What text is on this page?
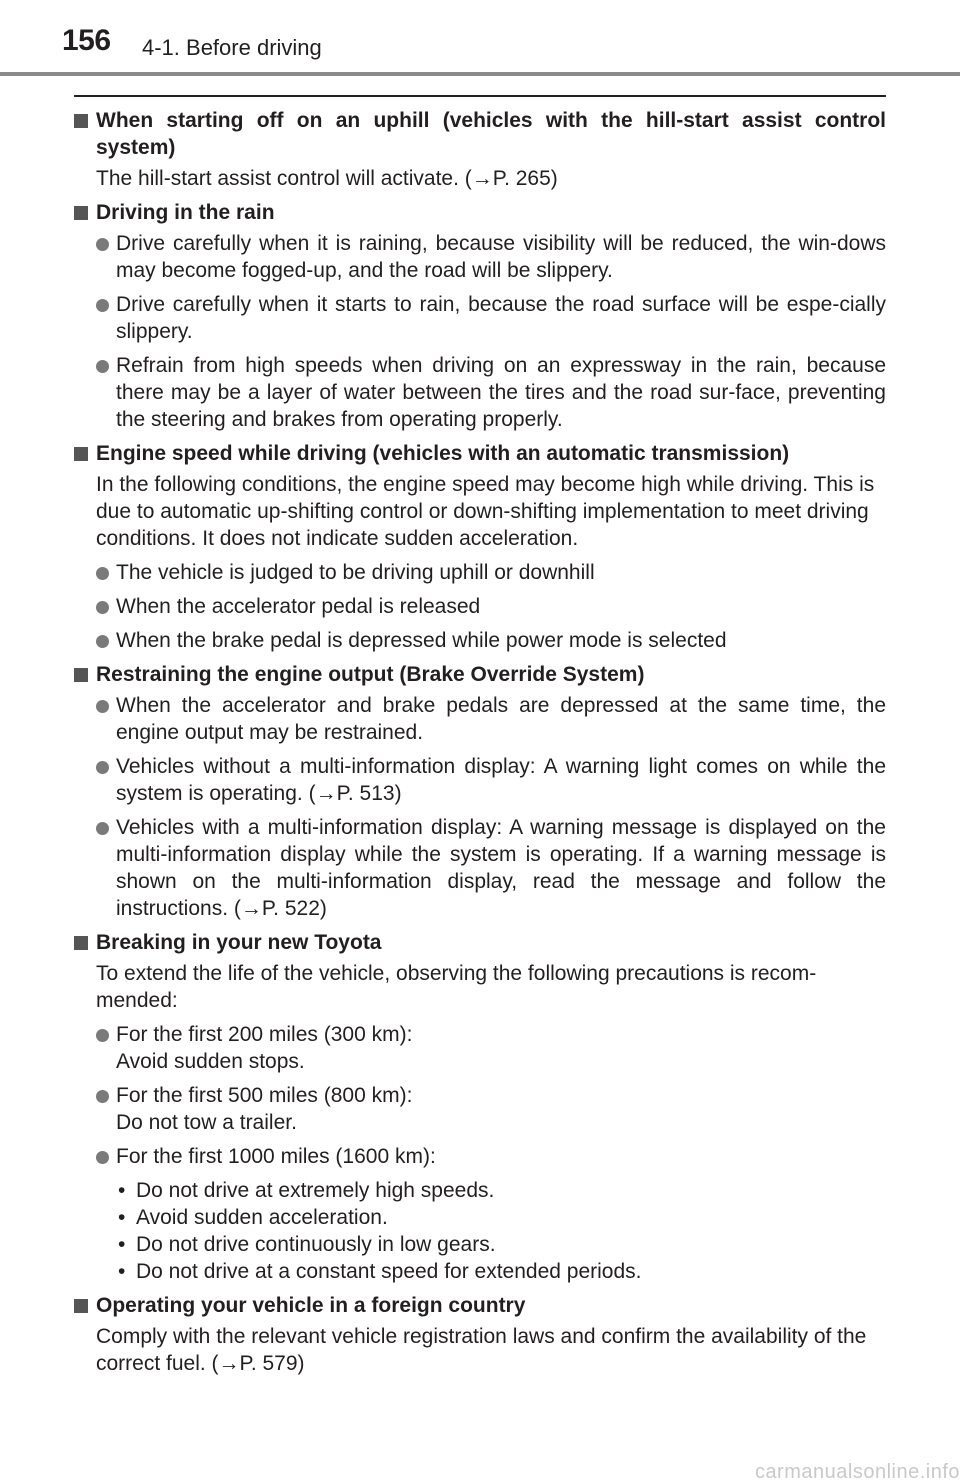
156 4-1. Before driving
When starting off on an uphill (vehicles with the hill-start assist control system)
The hill-start assist control will activate. (→P. 265)
Driving in the rain
Drive carefully when it is raining, because visibility will be reduced, the win-dows may become fogged-up, and the road will be slippery.
Drive carefully when it starts to rain, because the road surface will be espe-cially slippery.
Refrain from high speeds when driving on an expressway in the rain, because there may be a layer of water between the tires and the road sur-face, preventing the steering and brakes from operating properly.
Engine speed while driving (vehicles with an automatic transmission)
In the following conditions, the engine speed may become high while driving. This is due to automatic up-shifting control or down-shifting implementation to meet driving conditions. It does not indicate sudden acceleration.
The vehicle is judged to be driving uphill or downhill
When the accelerator pedal is released
When the brake pedal is depressed while power mode is selected
Restraining the engine output (Brake Override System)
When the accelerator and brake pedals are depressed at the same time, the engine output may be restrained.
Vehicles without a multi-information display: A warning light comes on while the system is operating. (→P. 513)
Vehicles with a multi-information display: A warning message is displayed on the multi-information display while the system is operating. If a warning message is shown on the multi-information display, read the message and follow the instructions. (→P. 522)
Breaking in your new Toyota
To extend the life of the vehicle, observing the following precautions is recom-mended:
For the first 200 miles (300 km):
Avoid sudden stops.
For the first 500 miles (800 km):
Do not tow a trailer.
For the first 1000 miles (1600 km):
• Do not drive at extremely high speeds.
• Avoid sudden acceleration.
• Do not drive continuously in low gears.
• Do not drive at a constant speed for extended periods.
Operating your vehicle in a foreign country
Comply with the relevant vehicle registration laws and confirm the availability of the correct fuel. (→P. 579)
carmanualsonline.info
